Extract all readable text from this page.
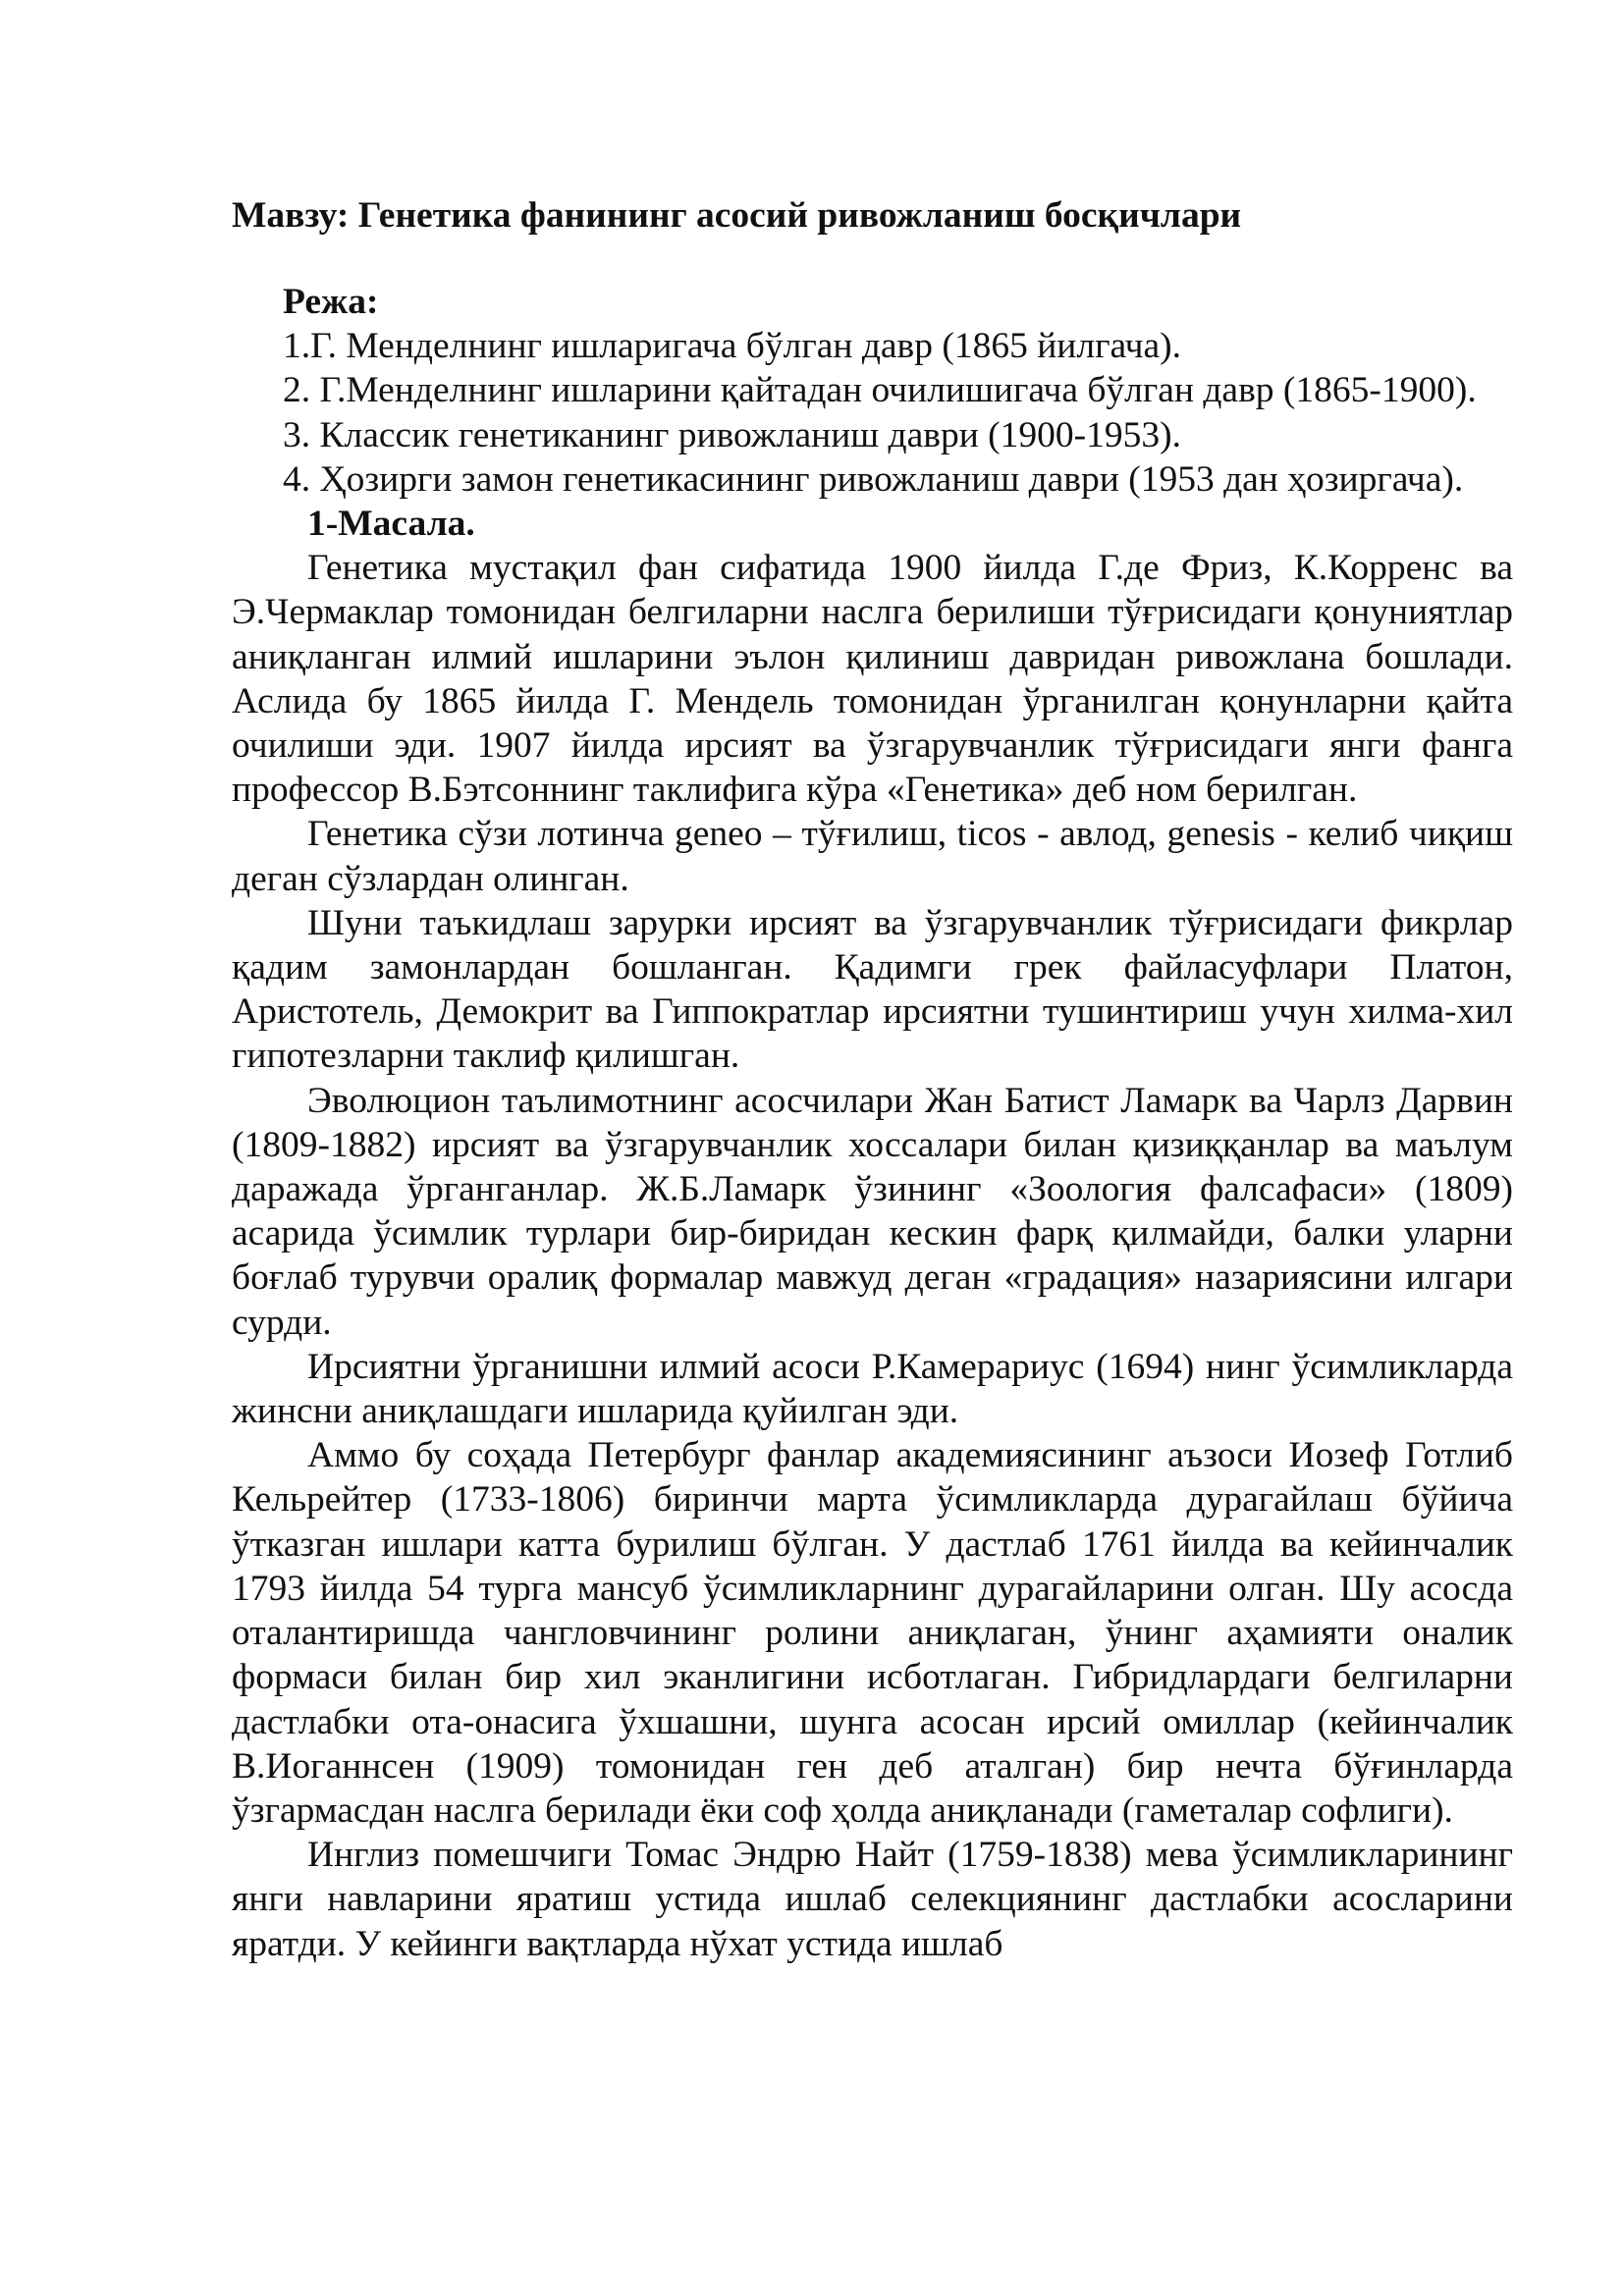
Мавзу: Генетика фанининг асосий ривожланиш босқичлари

Режа:

1.Г. Менделнинг ишларигача бўлган давр (1865 йилгача).

2. Г.Менделнинг ишларини қайтадан очилишигача бўлган давр (1865-1900).

3. Классик генетиканинг ривожланиш даври (1900-1953).

4. Ҳозирги замон генетикасининг ривожланиш даври (1953 дан ҳозиргача).

1-Масала.

Генетика мустақил фан сифатида 1900 йилда Г.де Фриз, К.Корренс ва Э.Чермаклар томонидан белгиларни наслга берилиши тўғрисидаги қонуниятлар аниқланган илмий ишларини эълон қилиниш давридан ривожлана бошлади. Аслида бу 1865 йилда Г. Мендель томонидан ўрганилган қонунларни қайта очилиши эди. 1907 йилда ирсият ва ўзгарувчанлик тўғрисидаги янги фанга профессор В.Бэтсоннинг таклифига кўра «Генетика» деб ном берилган.

Генетика сўзи лотинча geneo – тўғилиш, ticos - авлод, genesis - келиб чиқиш деган сўзлардан олинган.

Шуни таъкидлаш зарурки ирсият ва ўзгарувчанлик тўғрисидаги фикрлар қадим замонлардан бошланган. Қадимги грек файласуфлари Платон, Аристотель, Демокрит ва Гиппократлар ирсиятни тушинтириш учун хилма-хил гипотезларни таклиф қилишган.

Эволюцион таълимотнинг асосчилари Жан Батист Ламарк ва Чарлз Дарвин (1809-1882) ирсият ва ўзгарувчанлик хоссалари билан қизиққанлар ва маълум даражада ўрганганлар. Ж.Б.Ламарк ўзининг «Зоология фалсафаси» (1809) асарида ўсимлик турлари бир-биридан кескин фарқ қилмайди, балки уларни боғлаб турувчи оралиқ формалар мавжуд деган «градация» назариясини илгари сурди.

Ирсиятни ўрганишни илмий асоси Р.Камерариус (1694) нинг ўсимликларда жинсни аниқлашдаги ишларида қуйилган эди.

Аммо бу соҳада Петербург фанлар академиясининг аъзоси Иозеф Готлиб Кельрейтер (1733-1806) биринчи марта ўсимликларда дурагайлаш бўйича ўтказган ишлари катта бурилиш бўлган. У дастлаб 1761 йилда ва кейинчалик 1793 йилда 54 турга мансуб ўсимликларнинг дурагайларини олган. Шу асосда оталантиришда чангловчининг ролини аниқлаган, ўнинг аҳамияти оналик формаси билан бир хил эканлигини исботлаган. Гибридлардаги белгиларни дастлабки ота-онасига ўхшашни, шунга асосан ирсий омиллар (кейинчалик В.Иоганнсен (1909) томонидан ген деб аталган) бир нечта бўғинларда ўзгармасдан наслга берилади ёки соф ҳолда аниқланади (гаметалар софлиги).

Инглиз помешчиги Томас Эндрю Найт (1759-1838) мева ўсимликларининг янги навларини яратиш устида ишлаб селекциянинг дастлабки асосларини яратди. У кейинги вақтларда нўхат устида ишлаб
